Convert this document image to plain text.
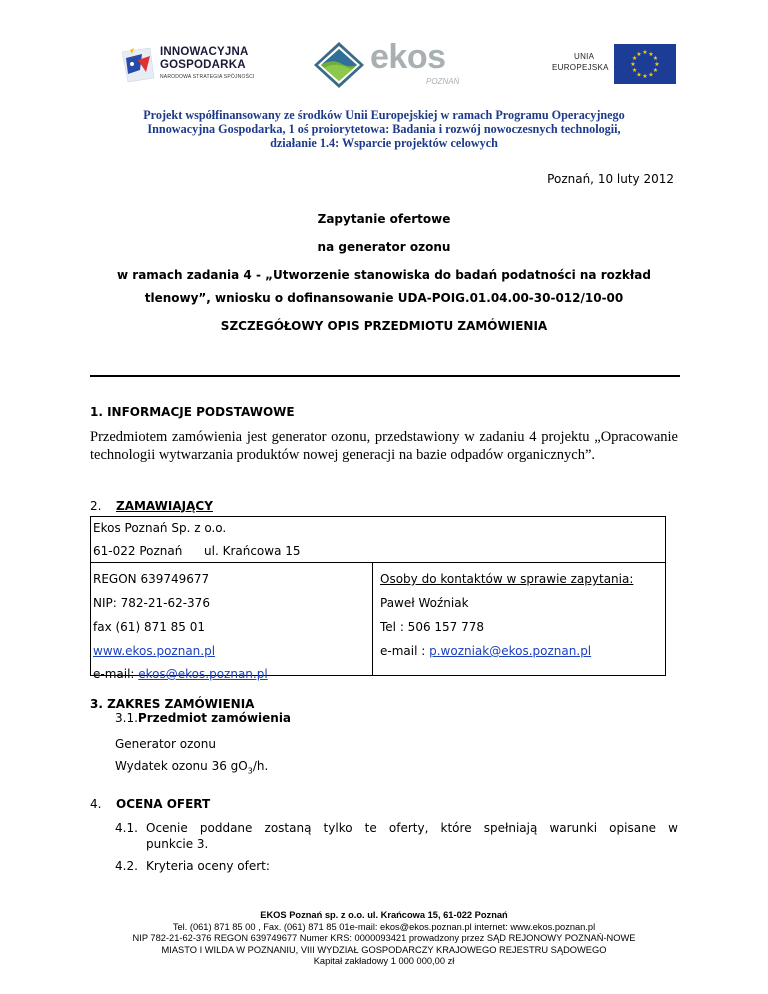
INNOWACYJNA
GOSPODARKA
NARODOWA STRATEGIA SPÓJNOŚCI
ekos
POZNAŃ
UNIA
EUROPEJSKA
★ ★
★
★
★
★
★
★
★
★
★
★
Projekt współfinansowany ze środków Unii Europejskiej w ramach Programu Operacyjnego
Innowacyjna Gospodarka, 1 oś proiorytetowa: Badania i rozwój nowoczesnych technologii,
działanie 1.4: Wsparcie projektów celowych
Poznań, 10 luty 2012
Zapytanie ofertowe
na generator ozonu
w ramach zadania 4 - „Utworzenie stanowiska do badań podatności na rozkład
tlenowy”, wniosku o dofinansowanie UDA-POIG.01.04.00-30-012/10-00
SZCZEGÓŁOWY OPIS PRZEDMIOTU ZAMÓWIENIA
1. INFORMACJE PODSTAWOWE
Przedmiotem zamówienia jest generator ozonu, przedstawiony w zadaniu 4 projektu „Opracowanie technologii wytwarzania produktów nowej generacji na bazie odpadów organicznych”.
2. ZAMAWIAJĄCY
Ekos Poznań Sp. z o.o.
61-022 Poznań ul. Krańcowa 15
REGON 639749677
NIP: 782-21-62-376
fax (61) 871 85 01
www.ekos.poznan.pl
e-mail: ekos@ekos.poznan.pl
Osoby do kontaktów w sprawie zapytania:
Paweł Woźniak
Tel : 506 157 778
e-mail : p.wozniak@ekos.poznan.pl
3. ZAKRES ZAMÓWIENIA
3.1.Przedmiot zamówienia
Generator ozonu
Wydatek ozonu 36 $gO_3/h$.
4. OCENA OFERT
4.1. Ocenie poddane zostaną tylko te oferty, które spełniają warunki opisane w
punkcie 3.
4.2. Kryteria oceny ofert:
EKOS Poznań sp. z o.o. ul. Krańcowa 15, 61-022 Poznań
Tel. (061) 871 85 00 , Fax. (061) 871 85 01e-mail: ekos@ekos.poznan.pl internet: www.ekos.poznan.pl
NIP 782-21-62-376 REGON 639749677 Numer KRS: 0000093421 prowadzony przez SĄD REJONOWY POZNAŃ-NOWE
MIASTO I WILDA W POZNANIU, VIII WYDZIAŁ GOSPODARCZY KRAJOWEGO REJESTRU SĄDOWEGO
Kapitał zakładowy 1 000 000,00 zł
